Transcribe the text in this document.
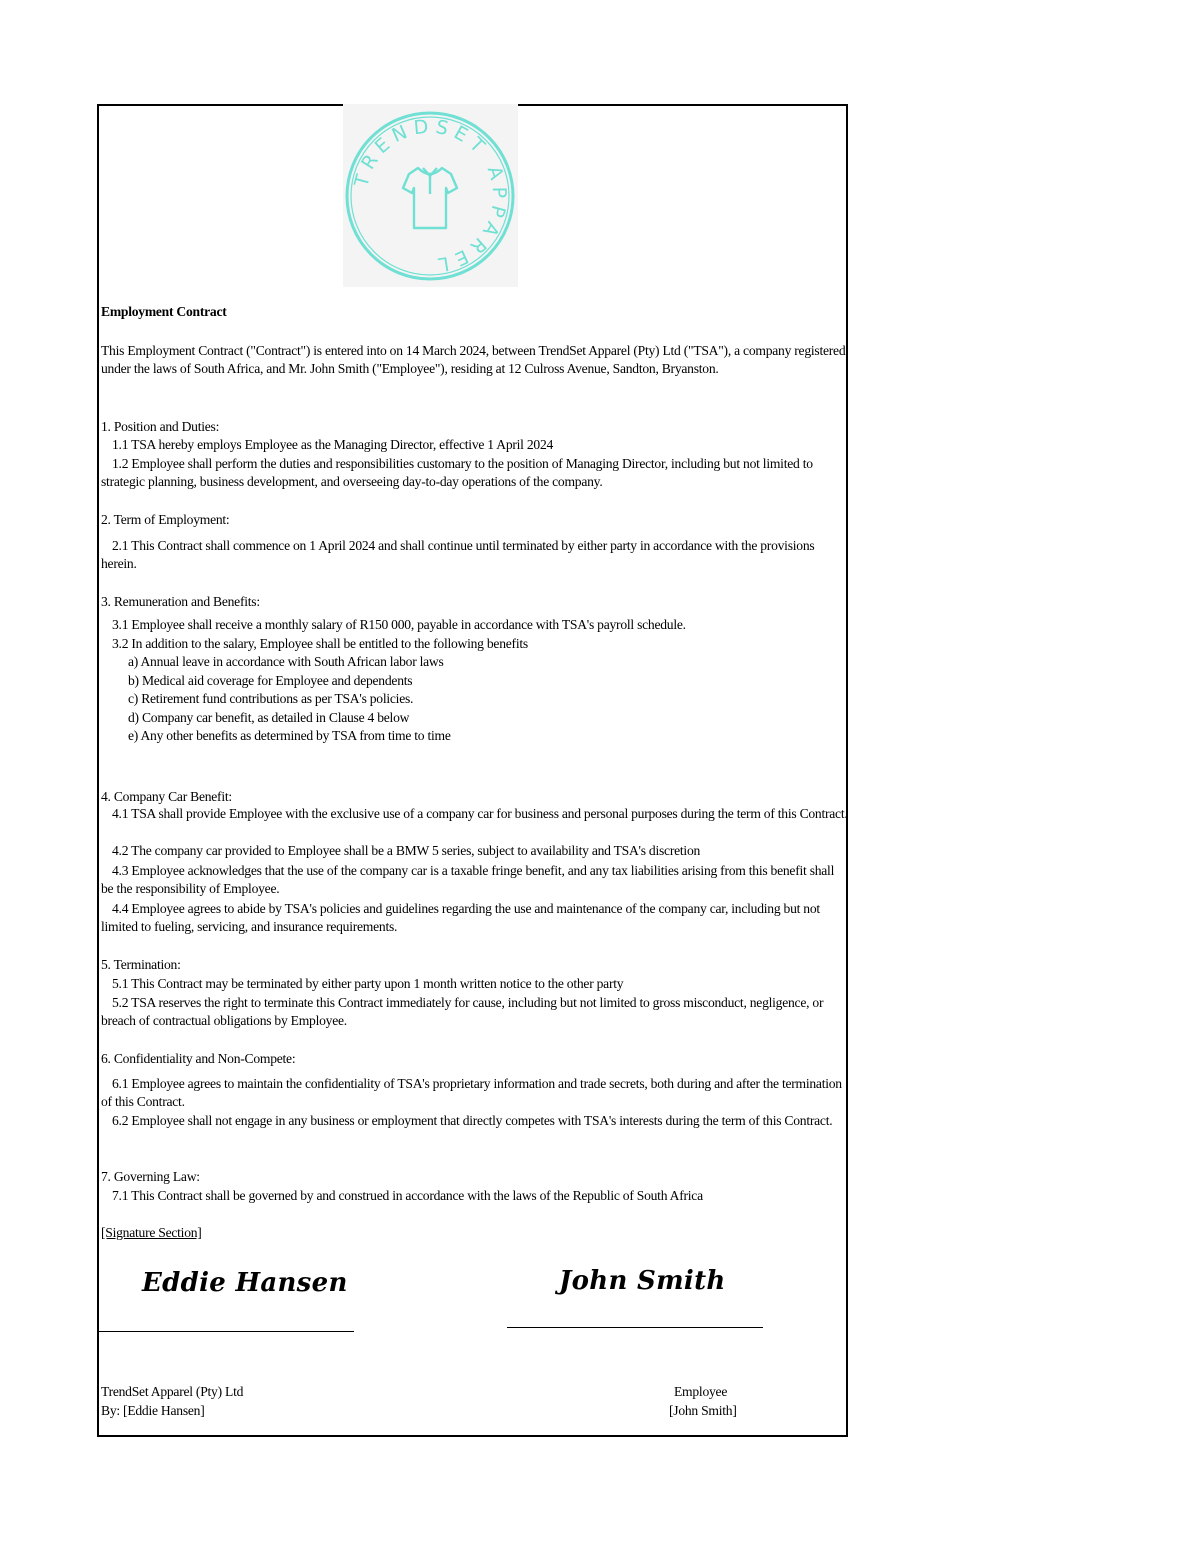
TRENDSET APPAREL
Employment Contract
This Employment Contract ("Contract") is entered into on 14 March 2024, between TrendSet Apparel (Pty) Ltd ("TSA"), a company registered under the laws of South Africa, and Mr. John Smith ("Employee"), residing at 12 Culross Avenue, Sandton, Bryanston.
1. Position and Duties:
1.1 TSA hereby employs Employee as the Managing Director, effective 1 April 2024
1.2 Employee shall perform the duties and responsibilities customary to the position of Managing Director, including but not limited to strategic planning, business development, and overseeing day-to-day operations of the company.
2. Term of Employment:
2.1 This Contract shall commence on 1 April 2024 and shall continue until terminated by either party in accordance with the provisions herein.
3. Remuneration and Benefits:
3.1 Employee shall receive a monthly salary of R150 000, payable in accordance with TSA's payroll schedule.
3.2 In addition to the salary, Employee shall be entitled to the following benefits
a) Annual leave in accordance with South African labor laws
b) Medical aid coverage for Employee and dependents
c) Retirement fund contributions as per TSA's policies.
d) Company car benefit, as detailed in Clause 4 below
e) Any other benefits as determined by TSA from time to time
4. Company Car Benefit:
4.1 TSA shall provide Employee with the exclusive use of a company car for business and personal purposes during the term of this Contract.
4.2 The company car provided to Employee shall be a BMW 5 series, subject to availability and TSA's discretion
4.3 Employee acknowledges that the use of the company car is a taxable fringe benefit, and any tax liabilities arising from this benefit shall be the responsibility of Employee.
4.4 Employee agrees to abide by TSA's policies and guidelines regarding the use and maintenance of the company car, including but not limited to fueling, servicing, and insurance requirements.
5. Termination:
5.1 This Contract may be terminated by either party upon 1 month written notice to the other party
5.2 TSA reserves the right to terminate this Contract immediately for cause, including but not limited to gross misconduct, negligence, or breach of contractual obligations by Employee.
6. Confidentiality and Non-Compete:
6.1 Employee agrees to maintain the confidentiality of TSA's proprietary information and trade secrets, both during and after the termination of this Contract.
6.2 Employee shall not engage in any business or employment that directly competes with TSA's interests during the term of this Contract.
7. Governing Law:
7.1 This Contract shall be governed by and construed in accordance with the laws of the Republic of South Africa
[Signature Section]
Eddie Hansen	John Smith
TrendSet Apparel (Pty) Ltd
By: [Eddie Hansen]
Employee
[John Smith]
